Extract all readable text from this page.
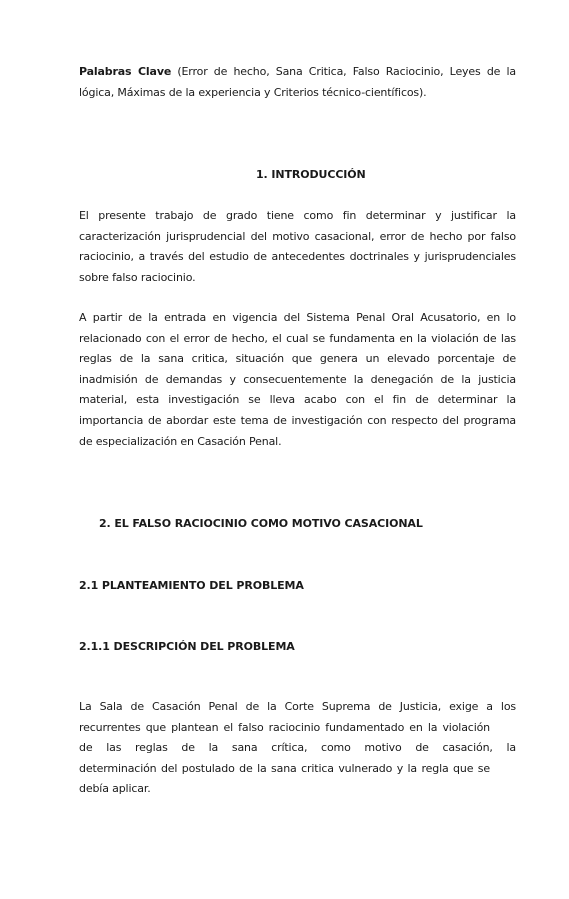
Palabras Clave (Error de hecho, Sana Critica, Falso Raciocinio, Leyes de la
lógica, Máximas de la experiencia y Criterios técnico-científicos).
1. INTRODUCCIÓN
El presente trabajo de grado tiene como fin determinar y justificar la
caracterización jurisprudencial del motivo casacional, error de hecho por falso
raciocinio, a través del estudio de antecedentes doctrinales y jurisprudenciales
sobre falso raciocinio.
A partir de la entrada en vigencia del Sistema Penal Oral Acusatorio, en lo
relacionado con el error de hecho, el cual se fundamenta en la violación de las
reglas de la sana critica, situación que genera un elevado porcentaje de
inadmisión de demandas y consecuentemente la denegación de la justicia
material, esta investigación se lleva acabo con el fin de determinar la
importancia de abordar este tema de investigación con respecto del programa
de especialización en Casación Penal.
2. EL FALSO RACIOCINIO COMO MOTIVO CASACIONAL
2.1 PLANTEAMIENTO DEL PROBLEMA
2.1.1 DESCRIPCIÓN DEL PROBLEMA
La Sala de Casación Penal de la Corte Suprema de Justicia, exige a los
recurrentes que plantean el falso raciocinio fundamentado en la violación
de las reglas de la sana crítica, como motivo de casación, la
determinación del postulado de la sana critica vulnerado y la regla que se
debía aplicar.
